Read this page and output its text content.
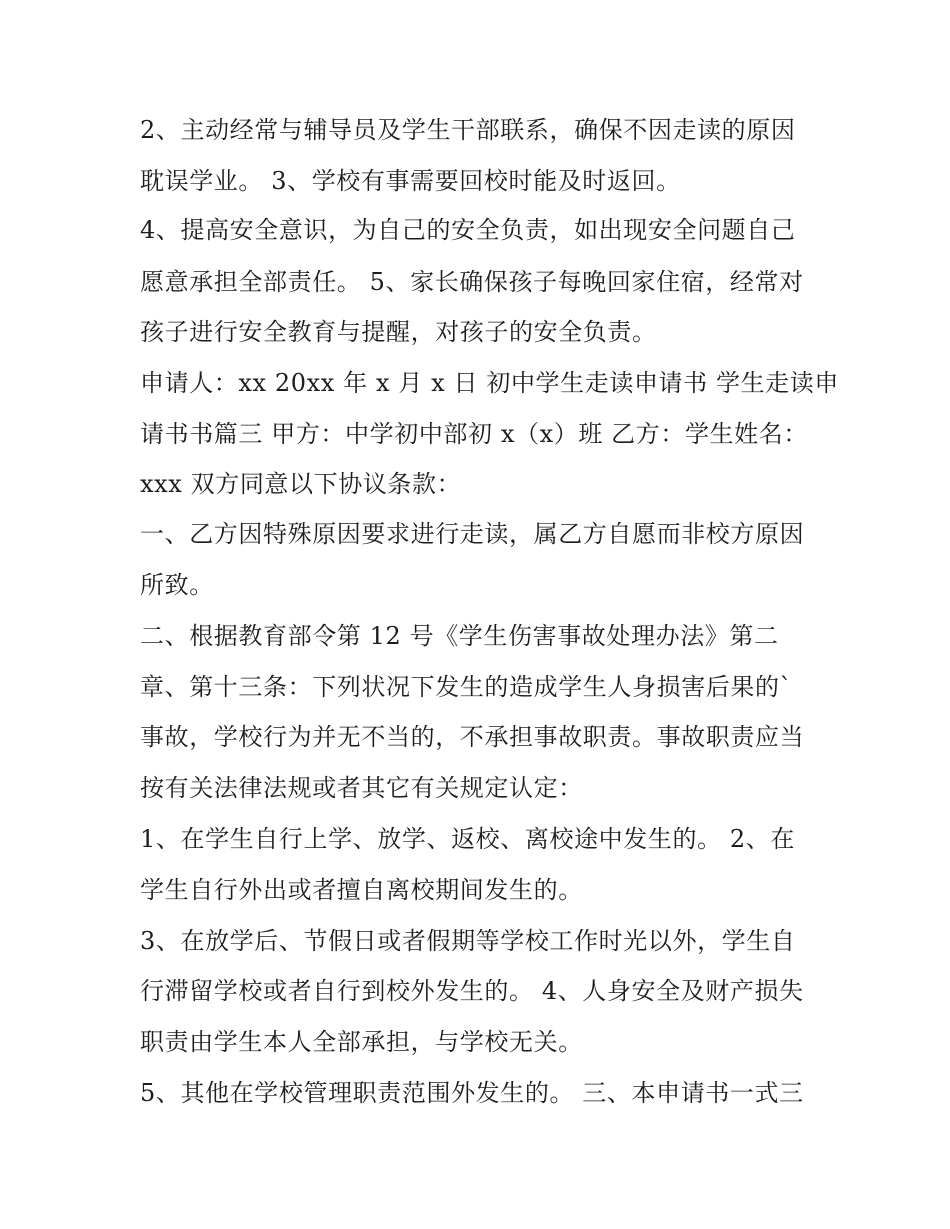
2、主动经常与辅导员及学生干部联系，确保不因走读的原因
耽误学业。 3、学校有事需要回校时能及时返回。
4、提高安全意识，为自己的安全负责，如出现安全问题自己
愿意承担全部责任。 5、家长确保孩子每晚回家住宿，经常对
孩子进行安全教育与提醒，对孩子的安全负责。
申请人：xx 20xx 年 x 月 x 日 初中学生走读申请书 学生走读申
请书书篇三 甲方：中学初中部初 x（x）班 乙方：学生姓名：
xxx 双方同意以下协议条款：
一、乙方因特殊原因要求进行走读，属乙方自愿而非校方原因
所致。
二、根据教育部令第 12 号《学生伤害事故处理办法》第二
章、第十三条：下列状况下发生的造成学生人身损害后果的`
事故，学校行为并无不当的，不承担事故职责。事故职责应当
按有关法律法规或者其它有关规定认定：
1、在学生自行上学、放学、返校、离校途中发生的。 2、在
学生自行外出或者擅自离校期间发生的。
3、在放学后、节假日或者假期等学校工作时光以外，学生自
行滞留学校或者自行到校外发生的。 4、人身安全及财产损失
职责由学生本人全部承担，与学校无关。
5、其他在学校管理职责范围外发生的。 三、本申请书一式三
